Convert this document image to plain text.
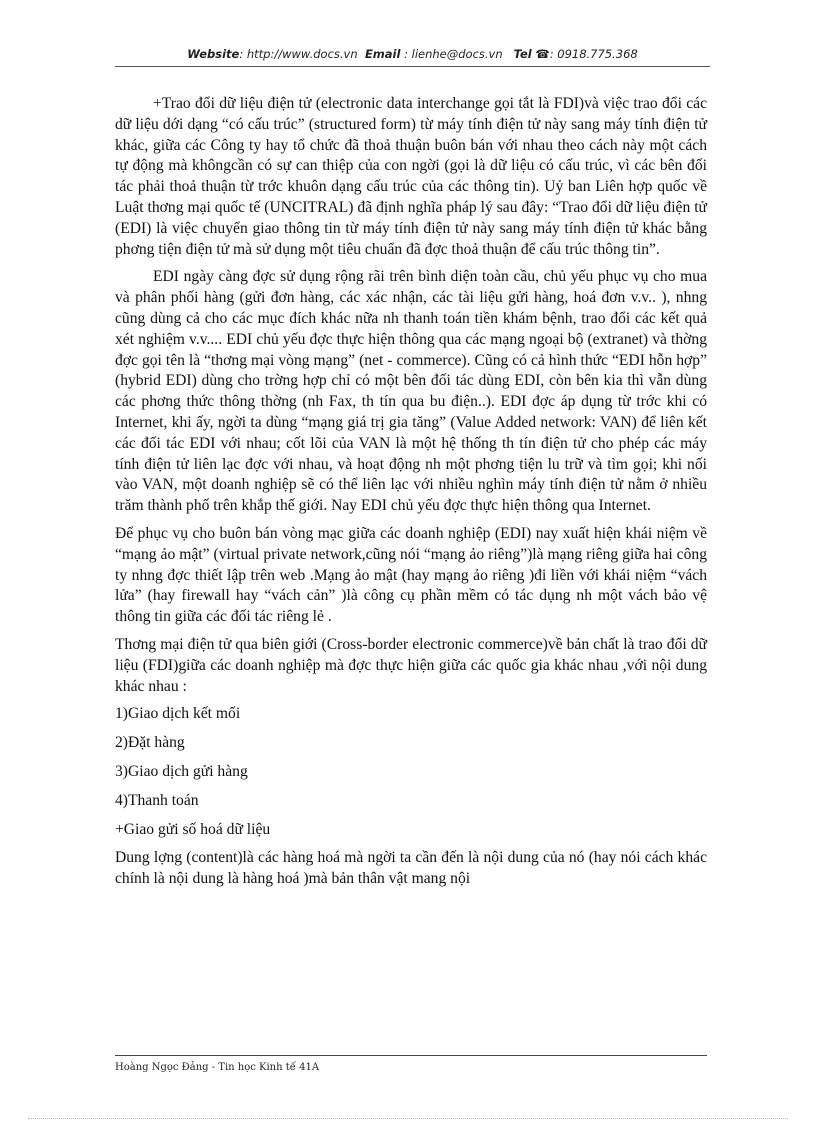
Website: http://www.docs.vn Email : lienhe@docs.vn Tel ☎: 0918.775.368

+Trao đổi dữ liệu điện tử (electronic data interchange gọi tắt là FDI)và việc trao đổi các dữ liệu dới dạng “có cấu trúc” (structured form) từ máy tính điện tử này sang máy tính điện tử khác, giữa các Công ty hay tổ chức đã thoả thuận buôn bán với nhau theo cách này một cách tự động mà khôngcần có sự can thiệp của con ngời (gọi là dữ liệu có cấu trúc, vì các bên đối tác phải thoả thuận từ trớc khuôn dạng cấu trúc của các thông tin). Uỷ ban Liên hợp quốc về Luật thơng mại quốc tế (UNCITRAL) đã định nghĩa pháp lý sau đây: “Trao đổi dữ liệu điện tử (EDI) là việc chuyển giao thông tin từ máy tính điện tử này sang máy tính điện tử khác bằng phơng tiện điện tử mà sử dụng một tiêu chuẩn đã đợc thoả thuận để cấu trúc thông tin”.

EDI ngày càng đợc sử dụng rộng rãi trên bình diện toàn cầu, chủ yếu phục vụ cho mua và phân phối hàng (gửi đơn hàng, các xác nhận, các tài liệu gửi hàng, hoá đơn v.v.. ), nhng cũng dùng cả cho các mục đích khác nữa nh thanh toán tiền khám bệnh, trao đổi các kết quả xét nghiệm v.v.... EDI chủ yếu đợc thực hiện thông qua các mạng ngoại bộ (extranet) và thờng đợc gọi tên là “thơng mại vòng mạng” (net - commerce). Cũng có cả hình thức “EDI hỗn hợp” (hybrid EDI) dùng cho trờng hợp chỉ có một bên đối tác dùng EDI, còn bên kia thì vẫn dùng các phơng thức thông thờng (nh Fax, th tín qua bu điện..). EDI đợc áp dụng từ trớc khi có Internet, khi ấy, ngời ta dùng “mạng giá trị gia tăng” (Value Added network: VAN) để liên kết các đối tác EDI với nhau; cốt lõi của VAN là một hệ thống th tín điện tử cho phép các máy tính điện tử liên lạc đợc với nhau, và hoạt động nh một phơng tiện lu trữ và tìm gọi; khi nối vào VAN, một doanh nghiệp sẽ có thể liên lạc với nhiều nghìn máy tính điện tử nằm ở nhiều trăm thành phố trên khắp thế giới. Nay EDI chủ yếu đợc thực hiện thông qua Internet.

Để phục vụ cho buôn bán vòng mạc giữa các doanh nghiệp (EDI) nay xuất hiện khái niệm về “mạng ảo mật” (virtual private network,cũng nói “mạng ảo riêng”)là mạng riêng giữa hai công ty nhng đợc thiết lập trên web .Mạng ảo mật (hay mạng ảo riêng )đi liền với khái niệm “vách lửa” (hay firewall hay “vách cản” )là công cụ phần mềm có tác dụng nh một vách bảo vệ thông tin giữa các đối tác riêng lẻ .

Thơng mại điện tử qua biên giới (Cross-border electronic commerce)về bản chất là trao đổi dữ liệu (FDI)giữa các doanh nghiệp mà đợc thực hiện giữa các quốc gia khác nhau ,với nội dung khác nhau :

1)Giao dịch kết mối

2)Đặt hàng

3)Giao dịch gửi hàng

4)Thanh toán

+Giao gửi số hoá dữ liệu

Dung lợng (content)là các hàng hoá mà ngời ta cần đến là nội dung của nó (hay nói cách khác chính là nội dung là hàng hoá )mà bản thân vật mang nội

Hoàng Ngọc Đảng - Tin học Kinh tế 41A
